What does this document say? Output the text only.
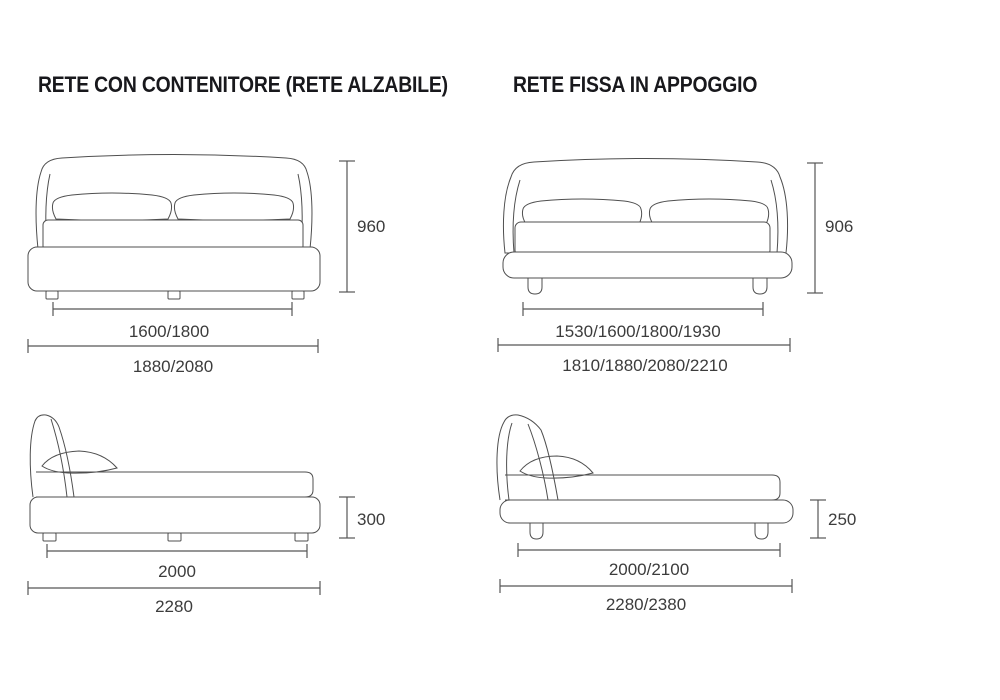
RETE CON CONTENITORE (RETE ALZABILE)	RETE FISSA IN APPOGGIO
960
1600/1800
1880/2080
906
1530/1600/1800/1930
1810/1880/2080/2210
300
2000
2280
250
2000/2100
2280/2380
